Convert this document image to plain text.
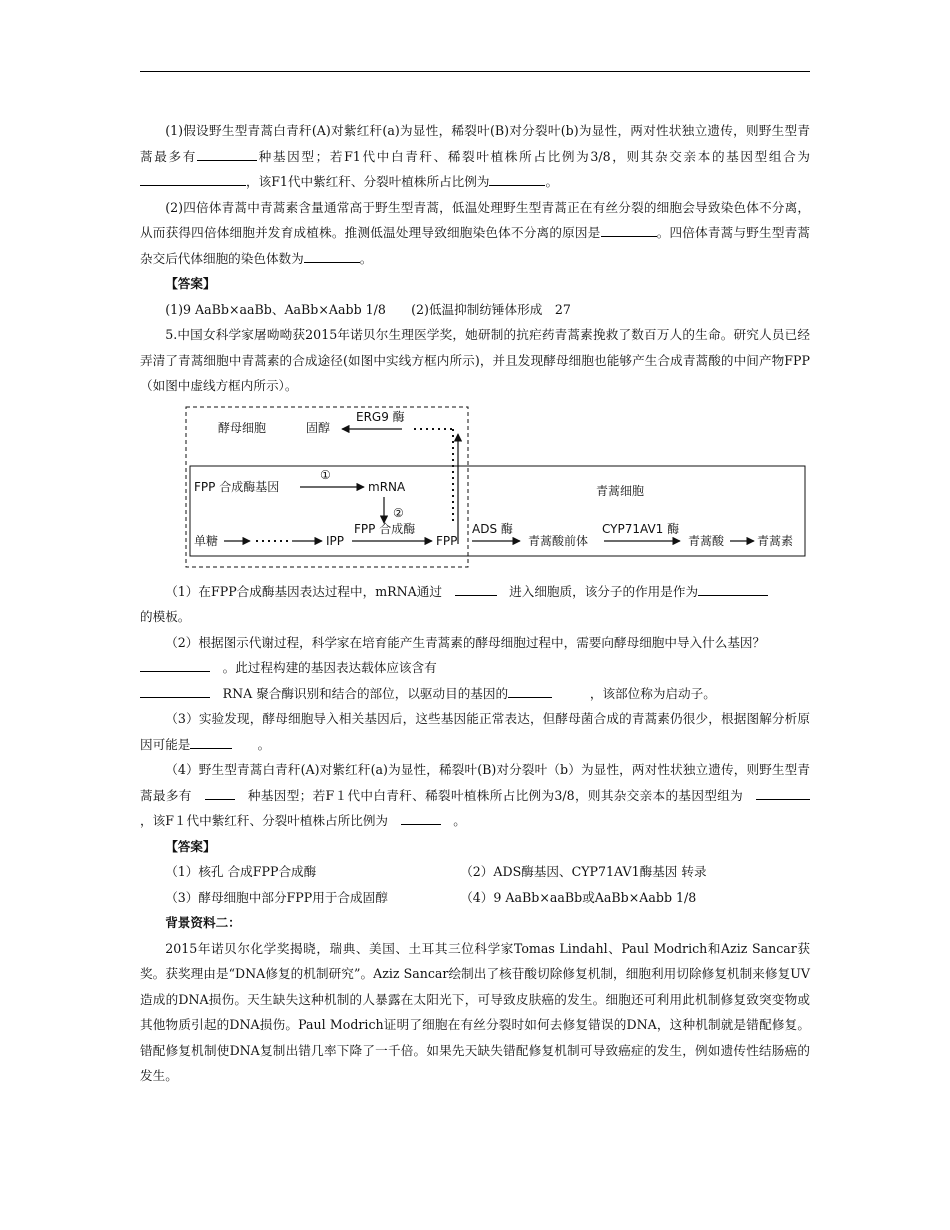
(1)假设野生型青蒿白青秆(A)对紫红秆(a)为显性，稀裂叶(B)对分裂叶(b)为显性，两对性状独立遗传，则野生型青蒿最多有	种基因型；若F1代中白青秆、稀裂叶植株所占比例为3/8，则其杂交亲本的基因型组合为，该F1代中紫红秆、分裂叶植株所占比例为	。

(2)四倍体青蒿中青蒿素含量通常高于野生型青蒿，低温处理野生型青蒿正在有丝分裂的细胞会导致染色体不分离，从而获得四倍体细胞并发育成植株。推测低温处理导致细胞染色体不分离的原因是	。四倍体青蒿与野生型青蒿杂交后代体细胞的染色体数为	。

【答案】

(1)9 AaBb×aaBb、AaBb×Aabb 1/8　　 (2)低温抑制纺锤体形成　27

5.中国女科学家屠呦呦获2015年诺贝尔生理医学奖，她研制的抗疟药青蒿素挽救了数百万人的生命。研究人员已经弄清了青蒿细胞中青蒿素的合成途径(如图中实线方框内所示)，并且发现酵母细胞也能够产生合成青蒿酸的中间产物FPP（如图中虚线方框内所示）。

酵母细胞	固醇
ERG9 酶
FPP 合成酶基因
①
mRNA
②
青蒿细胞
单糖	IPP
FPP 合成酶
FPP
ADS 酶
青蒿酸前体
CYP71AV1 酶
青蒿酸	青蒿素

（1）在FPP合成酶基因表达过程中，mRNA通过　　	进入细胞质，该分子的作用是作为

的模板。

（2）根据图示代谢过程，科学家在培育能产生青蒿素的酵母细胞过程中，需要向酵母细胞中导入什么基因？

　。此过程构建的基因表达载体应该含有

　RNA 聚合酶识别和结合的部位，以驱动目的基因的　　　	，该部位称为启动子。

（3）实验发现，酵母细胞导入相关基因后，这些基因能正常表达，但酵母菌合成的青蒿素仍很少，根据图解分析原因可能是　　	。

（4）野生型青蒿白青秆(A)对紫红秆(a)为显性，稀裂叶(B)对分裂叶（b）为显性，两对性状独立遗传，则野生型青蒿最多有　　	种基因型；若F１代中白青秆、稀裂叶植株所占比例为3/8，则其杂交亲本的基因型组为　　　　，该F１代中紫红秆、分裂叶植株占所比例为　　	。

【答案】

（1）核孔 合成FPP合成酶	（2）ADS酶基因、CYP71AV1酶基因 转录
（3）酵母细胞中部分FPP用于合成固醇	（4）9 AaBb×aaBb或AaBb×Aabb 1/8

背景资料二：

2015年诺贝尔化学奖揭晓，瑞典、美国、土耳其三位科学家Tomas Lindahl、Paul Modrich和Aziz Sancar获奖。获奖理由是“DNA修复的机制研究”。Aziz Sancar绘制出了核苷酸切除修复机制，细胞利用切除修复机制来修复UV造成的DNA损伤。天生缺失这种机制的人暴露在太阳光下，可导致皮肤癌的发生。细胞还可利用此机制修复致突变物或其他物质引起的DNA损伤。Paul Modrich证明了细胞在有丝分裂时如何去修复错误的DNA，这种机制就是错配修复。错配修复机制使DNA复制出错几率下降了一千倍。如果先天缺失错配修复机制可导致癌症的发生，例如遗传性结肠癌的发生。
